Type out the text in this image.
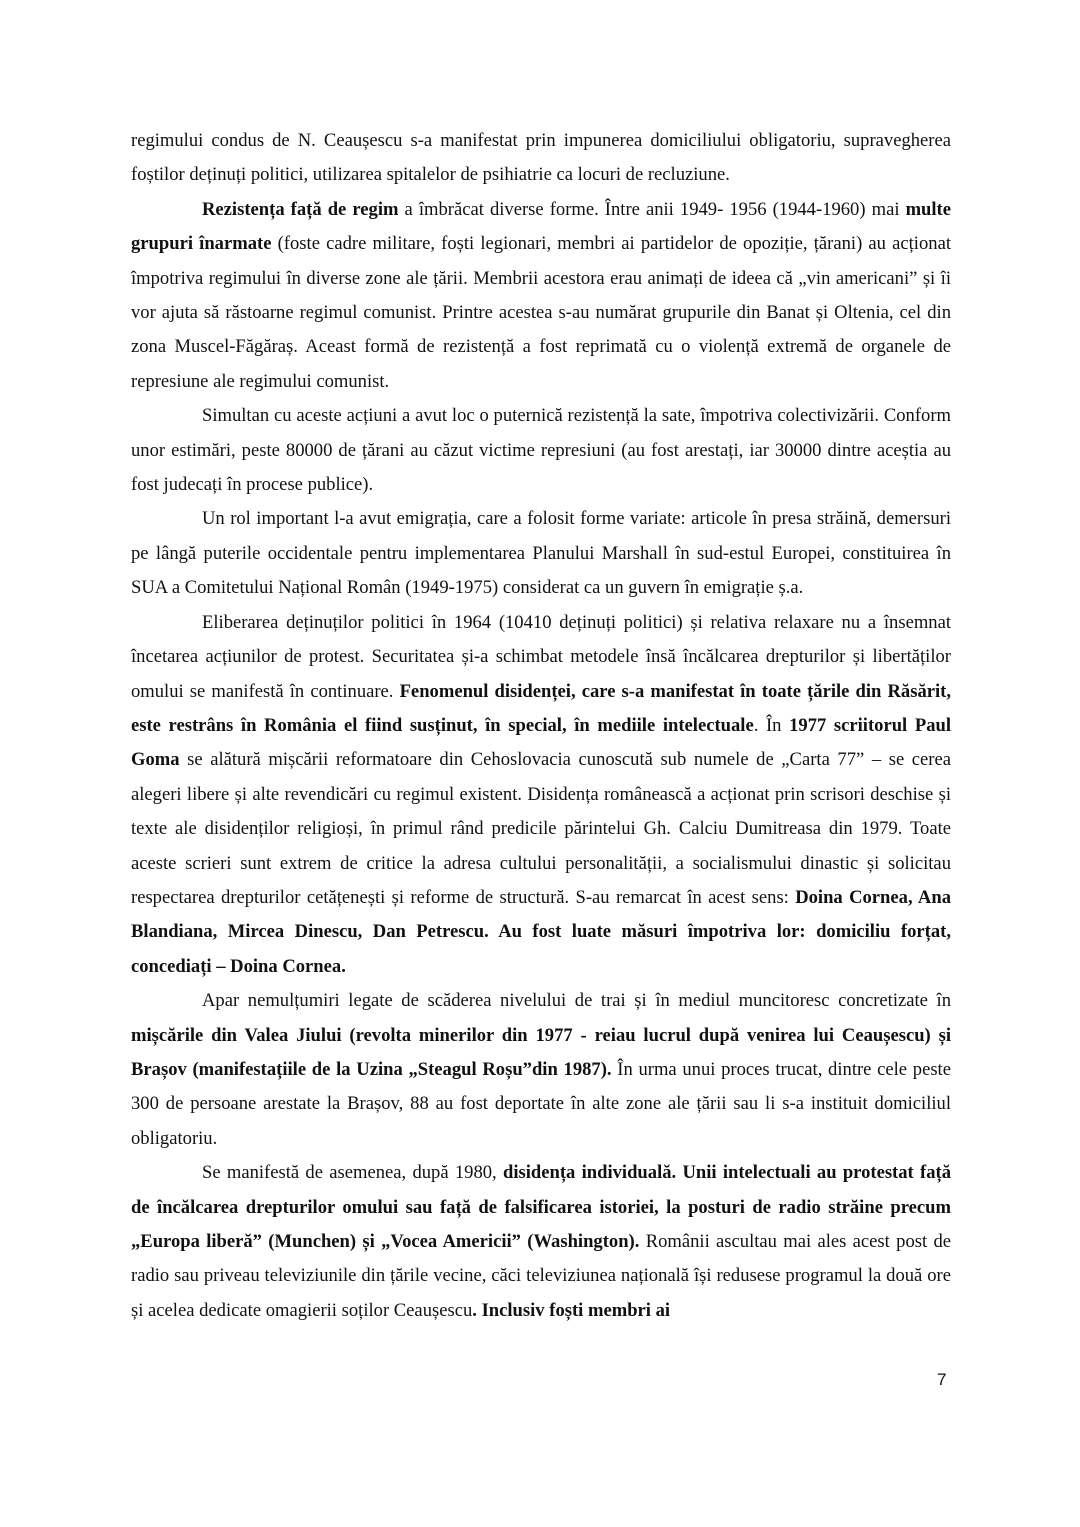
regimului condus de N. Ceaușescu s-a manifestat prin impunerea domiciliului obligatoriu, supravegherea foștilor deținuți politici, utilizarea spitalelor de psihiatrie ca locuri de recluziune.

Rezistența față de regim a îmbrăcat diverse forme. Între anii 1949- 1956 (1944-1960) mai multe grupuri înarmate (foste cadre militare, foști legionari, membri ai partidelor de opoziție, țărani) au acționat împotriva regimului în diverse zone ale țării. Membrii acestora erau animați de ideea că „vin americani” și îi vor ajuta să răstoarne regimul comunist. Printre acestea s-au numărat grupurile din Banat și Oltenia, cel din zona Muscel-Făgăraș. Aceast formă de rezistență a fost reprimată cu o violență extremă de organele de represiune ale regimului comunist.

Simultan cu aceste acțiuni a avut loc o puternică rezistență la sate, împotriva colectivizării. Conform unor estimări, peste 80000 de țărani au căzut victime represiuni (au fost arestați, iar 30000 dintre aceștia au fost judecați în procese publice).

Un rol important l-a avut emigrația, care a folosit forme variate: articole în presa străină, demersuri pe lângă puterile occidentale pentru implementarea Planului Marshall în sud-estul Europei, constituirea în SUA a Comitetului Național Român (1949-1975) considerat ca un guvern în emigrație ș.a.

Eliberarea deținuților politici în 1964 (10410 deținuți politici) și relativa relaxare nu a însemnat încetarea acțiunilor de protest. Securitatea și-a schimbat metodele însă încălcarea drepturilor și libertăților omului se manifestă în continuare. Fenomenul disidenței, care s-a manifestat în toate țările din Răsărit, este restrâns în România el fiind susținut, în special, în mediile intelectuale. În 1977 scriitorul Paul Goma se alătură mișcării reformatoare din Cehoslovacia cunoscută sub numele de „Carta 77” – se cerea alegeri libere și alte revendicări cu regimul existent. Disidența românească a acționat prin scrisori deschise și texte ale disidenților religioși, în primul rând predicile părintelui Gh. Calciu Dumitreasa din 1979. Toate aceste scrieri sunt extrem de critice la adresa cultului personalității, a socialismului dinastic și solicitau respectarea drepturilor cetățenești și reforme de structură. S-au remarcat în acest sens: Doina Cornea, Ana Blandiana, Mircea Dinescu, Dan Petrescu. Au fost luate măsuri împotriva lor: domiciliu forțat, concediați – Doina Cornea.

Apar nemulțumiri legate de scăderea nivelului de trai și în mediul muncitoresc concretizate în mișcările din Valea Jiului (revolta minerilor din 1977 - reiau lucrul după venirea lui Ceaușescu) și Brașov (manifestațiile de la Uzina „Steagul Roșu”din 1987). În urma unui proces trucat, dintre cele peste 300 de persoane arestate la Brașov, 88 au fost deportate în alte zone ale țării sau li s-a instituit domiciliul obligatoriu.

Se manifestă de asemenea, după 1980, disidența individuală. Unii intelectuali au protestat față de încălcarea drepturilor omului sau față de falsificarea istoriei, la posturi de radio străine precum „Europa liberă” (Munchen) și „Vocea Americii” (Washington). Românii ascultau mai ales acest post de radio sau priveau televiziunile din țările vecine, căci televiziunea națională își redusese programul la două ore și acelea dedicate omagierii soților Ceaușescu. Inclusiv foști membri ai

7
